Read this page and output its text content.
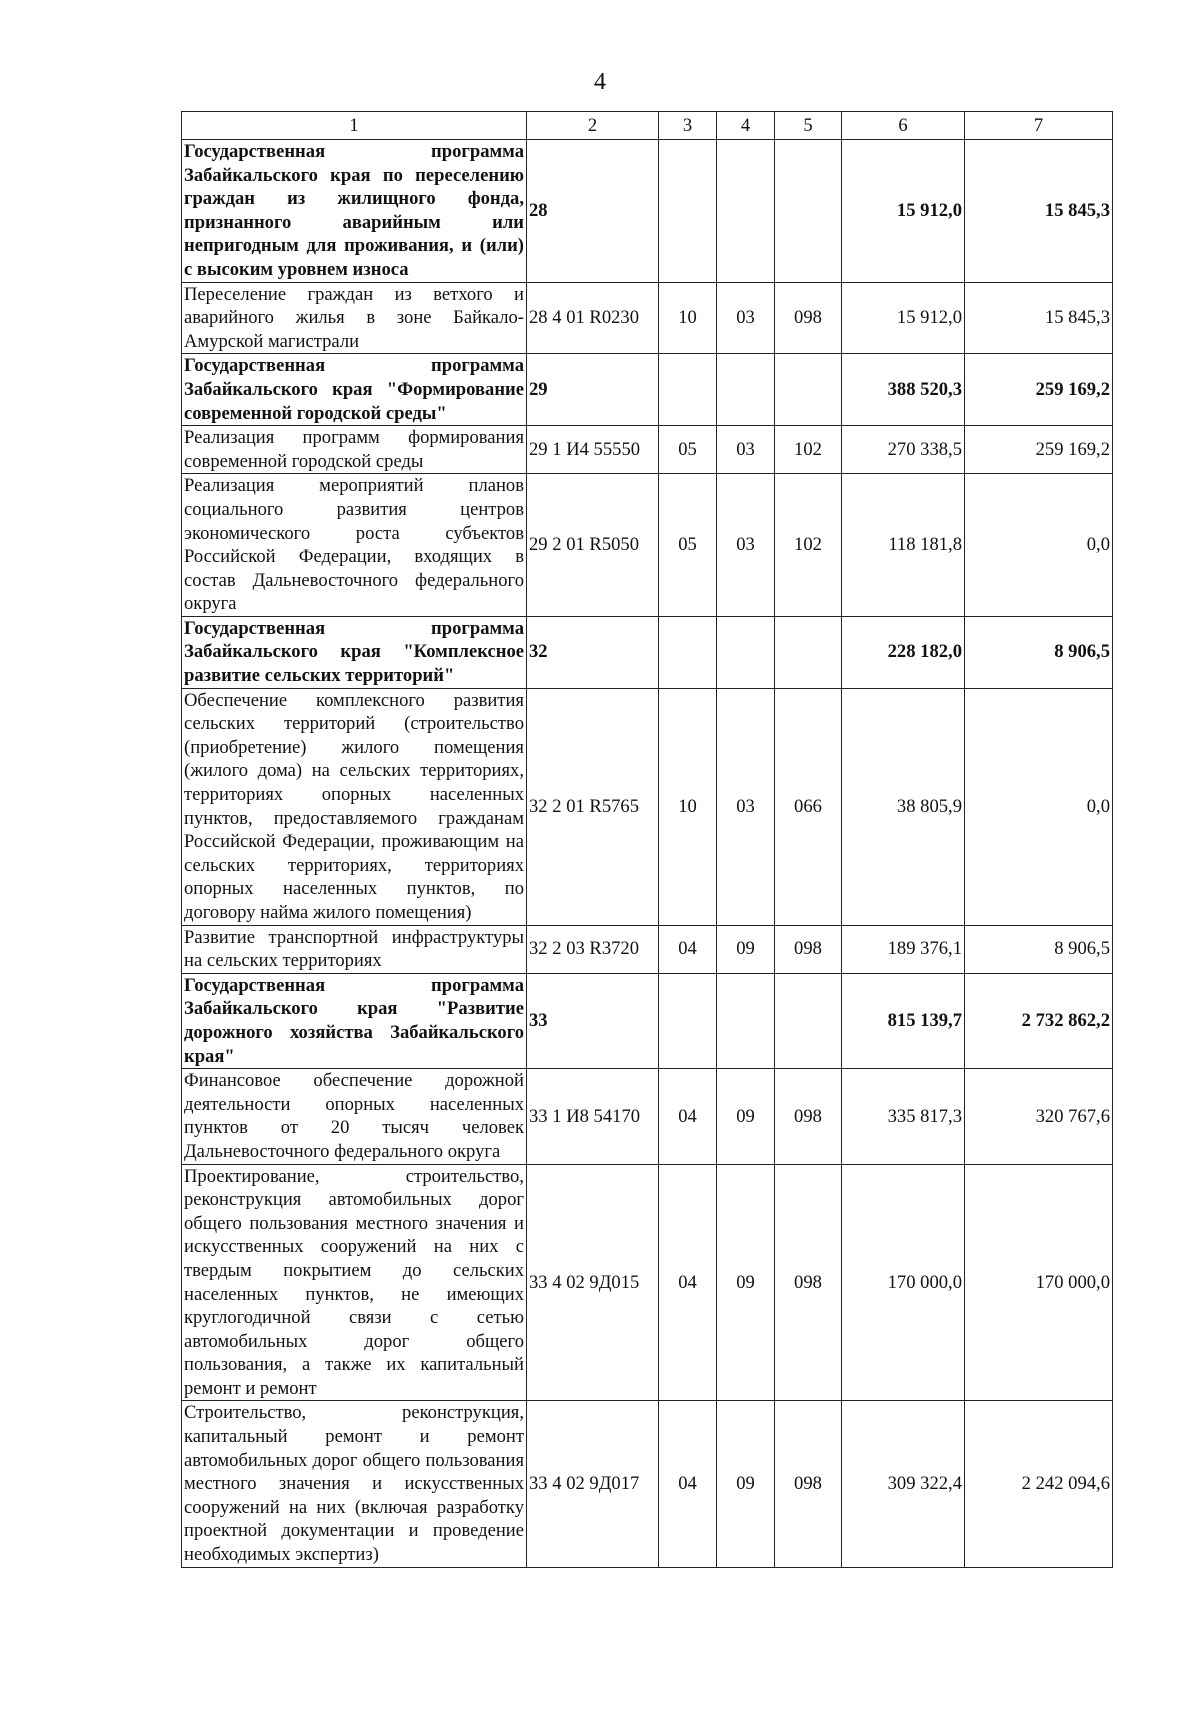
4
1	2	3	4	5	6	7
Государственная программа Забайкальского края по переселению граждан из жилищного фонда, признанного аварийным или непригодным для проживания, и (или) с высоким уровнем износа	28				15 912,0	15 845,3
Переселение граждан из ветхого и аварийного жилья в зоне Байкало-Амурской магистрали	28 4 01 R0230	10	03	098	15 912,0	15 845,3
Государственная программа Забайкальского края "Формирование современной городской среды"	29				388 520,3	259 169,2
Реализация программ формирования современной городской среды	29 1 И4 55550	05	03	102	270 338,5	259 169,2
Реализация мероприятий планов социального развития центров экономического роста субъектов Российской Федерации, входящих в состав Дальневосточного федерального округа	29 2 01 R5050	05	03	102	118 181,8	0,0
Государственная программа Забайкальского края "Комплексное развитие сельских территорий"	32				228 182,0	8 906,5
Обеспечение комплексного развития сельских территорий (строительство (приобретение) жилого помещения (жилого дома) на сельских территориях, территориях опорных населенных пунктов, предоставляемого гражданам Российской Федерации, проживающим на сельских территориях, территориях опорных населенных пунктов, по договору найма жилого помещения)	32 2 01 R5765	10	03	066	38 805,9	0,0
Развитие транспортной инфраструктуры на сельских территориях	32 2 03 R3720	04	09	098	189 376,1	8 906,5
Государственная программа Забайкальского края "Развитие дорожного хозяйства Забайкальского края"	33				815 139,7	2 732 862,2
Финансовое обеспечение дорожной деятельности опорных населенных пунктов от 20 тысяч человек Дальневосточного федерального округа	33 1 И8 54170	04	09	098	335 817,3	320 767,6
Проектирование, строительство, реконструкция автомобильных дорог общего пользования местного значения и искусственных сооружений на них с твердым покрытием до сельских населенных пунктов, не имеющих круглогодичной связи с сетью автомобильных дорог общего пользования, а также их капитальный ремонт и ремонт	33 4 02 9Д015	04	09	098	170 000,0	170 000,0
Строительство, реконструкция, капитальный ремонт и ремонт автомобильных дорог общего пользования местного значения и искусственных сооружений на них (включая разработку проектной документации и проведение необходимых экспертиз)	33 4 02 9Д017	04	09	098	309 322,4	2 242 094,6
